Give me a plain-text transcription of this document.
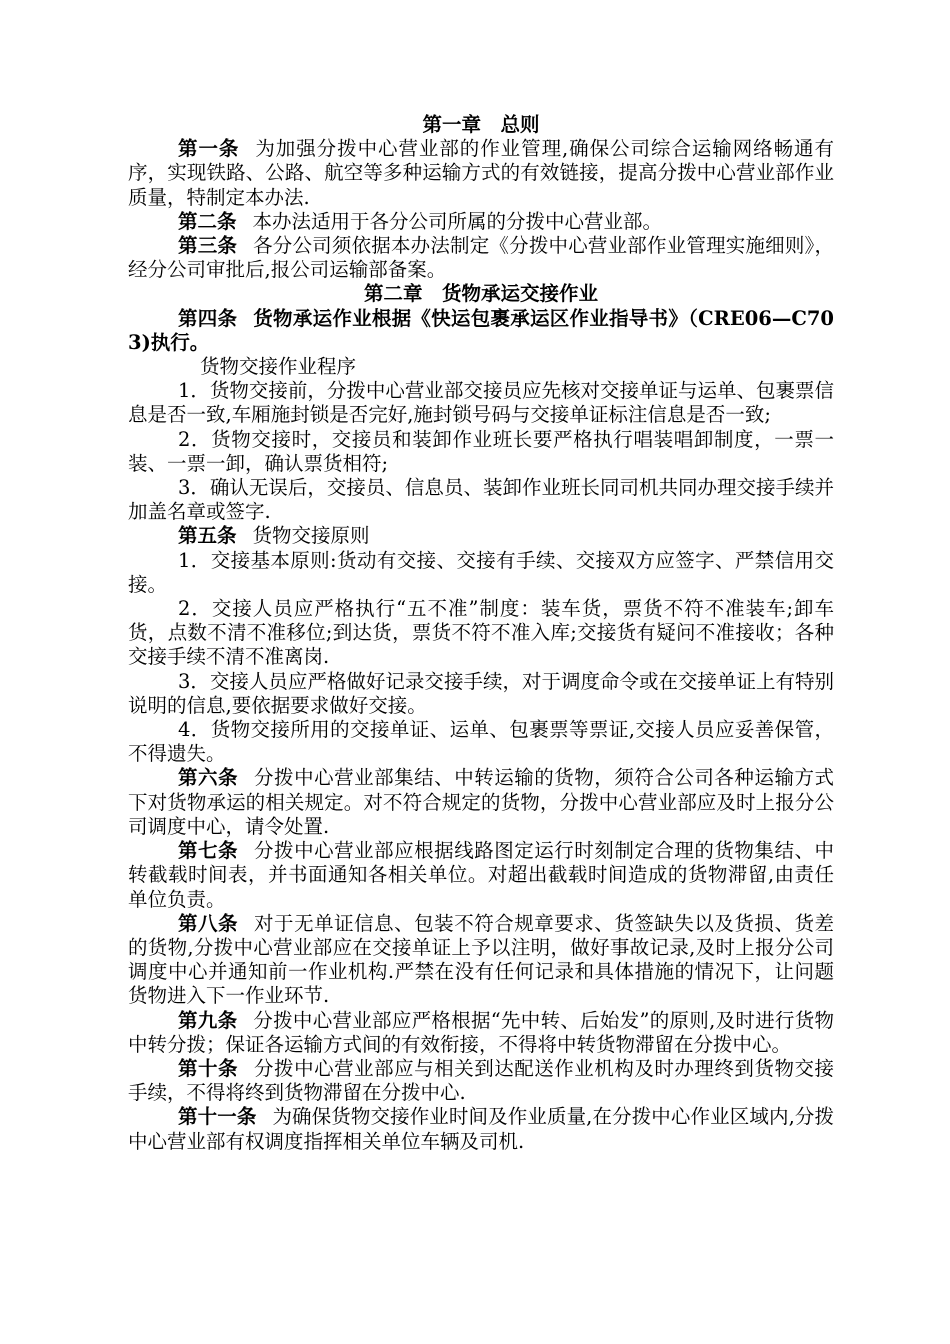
第一章　总则

第一条 为加强分拨中心营业部的作业管理,确保公司综合运输网络畅通有序，实现铁路、公路、航空等多种运输方式的有效链接，提高分拨中心营业部作业质量，特制定本办法.

第二条 本办法适用于各分公司所属的分拨中心营业部。

第三条 各分公司须依据本办法制定《分拨中心营业部作业管理实施细则》，经分公司审批后,报公司运输部备案。

第二章　货物承运交接作业

第四条 货物承运作业根据《快运包裹承运区作业指导书》（CRE06—C703)执行。

货物交接作业程序

1．货物交接前，分拨中心营业部交接员应先核对交接单证与运单、包裹票信息是否一致,车厢施封锁是否完好,施封锁号码与交接单证标注信息是否一致;

2．货物交接时，交接员和装卸作业班长要严格执行唱装唱卸制度，一票一装、一票一卸，确认票货相符;

3．确认无误后，交接员、信息员、装卸作业班长同司机共同办理交接手续并加盖名章或签字.

第五条 货物交接原则

1．交接基本原则:货动有交接、交接有手续、交接双方应签字、严禁信用交接。

2．交接人员应严格执行“五不准”制度：装车货，票货不符不准装车;卸车货，点数不清不准移位;到达货，票货不符不准入库;交接货有疑问不准接收；各种交接手续不清不准离岗.

3．交接人员应严格做好记录交接手续，对于调度命令或在交接单证上有特别说明的信息,要依据要求做好交接。

4．货物交接所用的交接单证、运单、包裹票等票证,交接人员应妥善保管，不得遗失。

第六条 分拨中心营业部集结、中转运输的货物，须符合公司各种运输方式下对货物承运的相关规定。对不符合规定的货物，分拨中心营业部应及时上报分公司调度中心，请令处置.

第七条 分拨中心营业部应根据线路图定运行时刻制定合理的货物集结、中转截载时间表，并书面通知各相关单位。对超出截载时间造成的货物滞留,由责任单位负责。

第八条 对于无单证信息、包装不符合规章要求、货签缺失以及货损、货差的货物,分拨中心营业部应在交接单证上予以注明，做好事故记录,及时上报分公司调度中心并通知前一作业机构.严禁在没有任何记录和具体措施的情况下，让问题货物进入下一作业环节.

第九条 分拨中心营业部应严格根据“先中转、后始发”的原则,及时进行货物中转分拨；保证各运输方式间的有效衔接，不得将中转货物滞留在分拨中心。

第十条 分拨中心营业部应与相关到达配送作业机构及时办理终到货物交接手续，不得将终到货物滞留在分拨中心.

第十一条 为确保货物交接作业时间及作业质量,在分拨中心作业区域内,分拨中心营业部有权调度指挥相关单位车辆及司机.
